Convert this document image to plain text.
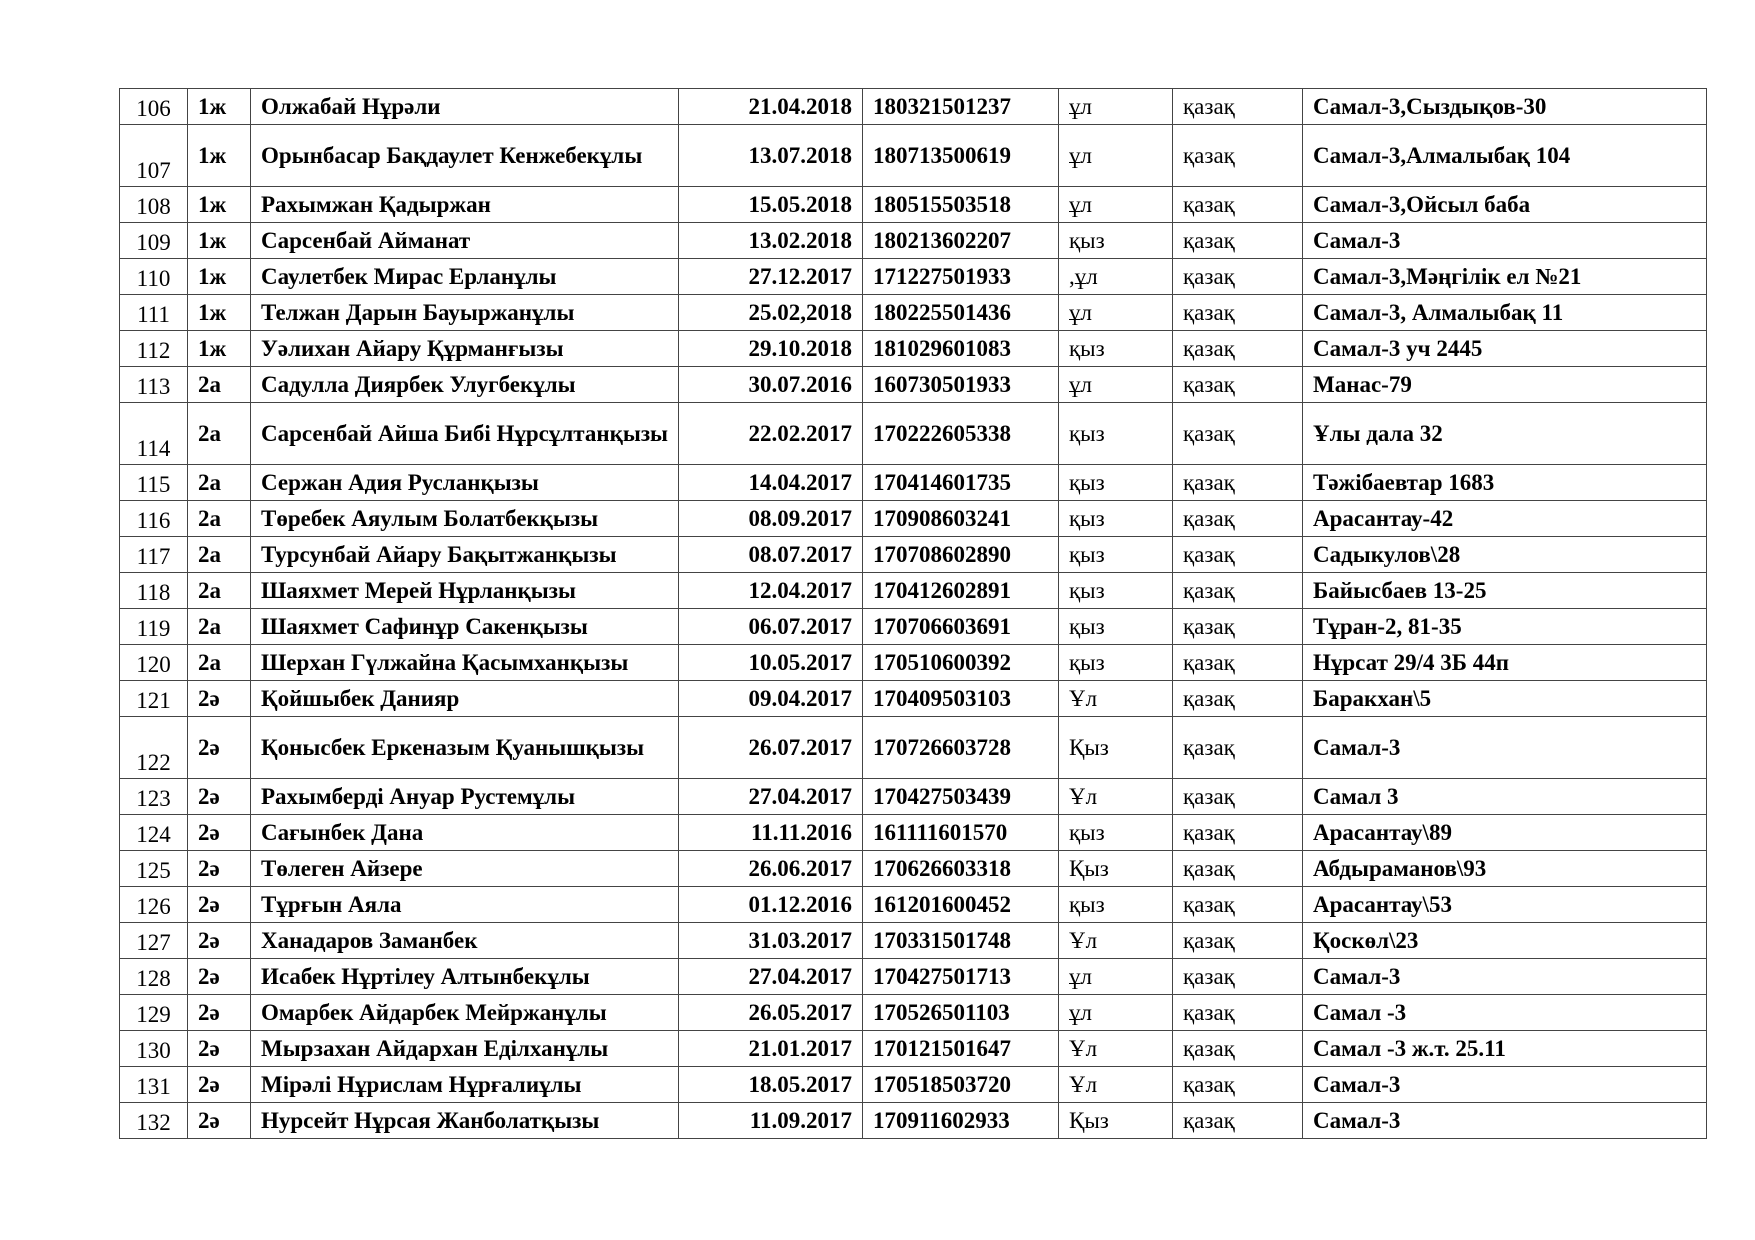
106	1ж	Олжабай Нұрәли	21.04.2018	180321501237	ұл	қазақ	Самал-3,Сыздықов-30
107	1ж	Орынбасар Бақдаулет Кенжебекұлы	13.07.2018	180713500619	ұл	қазақ	Самал-3,Алмалыбақ 104
108	1ж	Рахымжан Қадыржан	15.05.2018	180515503518	ұл	қазақ	Самал-3,Ойсыл баба
109	1ж	Сарсенбай Айманат	13.02.2018	180213602207	қыз	қазақ	Самал-3
110	1ж	Саулетбек Мирас Ерланұлы	27.12.2017	171227501933	,ұл	қазақ	Самал-3,Мәңгілік ел №21
111	1ж	Телжан Дарын Бауыржанұлы	25.02,2018	180225501436	ұл	қазақ	Самал-3, Алмалыбақ 11
112	1ж	Уәлихан Айару Құрманғызы	29.10.2018	181029601083	қыз	қазақ	Самал-3 уч 2445
113	2а	Садулла Диярбек Улугбекұлы	30.07.2016	160730501933	ұл	қазақ	Манас-79
114	2а	Сарсенбай Айша Бибі Нұрсұлтанқызы	22.02.2017	170222605338	қыз	қазақ	Ұлы дала 32
115	2а	Сержан Адия Русланқызы	14.04.2017	170414601735	қыз	қазақ	Тәжібаевтар 1683
116	2а	Төребек Аяулым Болатбекқызы	08.09.2017	170908603241	қыз	қазақ	Арасантау-42
117	2а	Турсунбай Айару Бақытжанқызы	08.07.2017	170708602890	қыз	қазақ	Садыкулов\28
118	2а	Шаяхмет Мерей Нұрланқызы	12.04.2017	170412602891	қыз	қазақ	Байысбаев 13-25
119	2а	Шаяхмет Сафинұр Сакенқызы	06.07.2017	170706603691	қыз	қазақ	Тұран-2, 81-35
120	2а	Шерхан Гүлжайна Қасымханқызы	10.05.2017	170510600392	қыз	қазақ	Нұрсат 29/4 3Б 44п
121	2ә	Қойшыбек Данияр	09.04.2017	170409503103	Ұл	қазақ	Баракхан\5
122	2ә	Қонысбек Еркеназым Қуанышқызы	26.07.2017	170726603728	Қыз	қазақ	Самал-3
123	2ә	Рахымберді Ануар Рустемұлы	27.04.2017	170427503439	Ұл	қазақ	Самал 3
124	2ә	Сағынбек Дана	11.11.2016	161111601570	қыз	қазақ	Арасантау\89
125	2ә	Төлеген Айзере	26.06.2017	170626603318	Қыз	қазақ	Абдыраманов\93
126	2ә	Тұрғын Аяла	01.12.2016	161201600452	қыз	қазақ	Арасантау\53
127	2ә	Ханадаров Заманбек	31.03.2017	170331501748	Ұл	қазақ	Қоскөл\23
128	2ә	Исабек Нұртілеу Алтынбекұлы	27.04.2017	170427501713	ұл	қазақ	Самал-3
129	2ә	Омарбек Айдарбек Мейржанұлы	26.05.2017	170526501103	ұл	қазақ	Самал -3
130	2ә	Мырзахан Айдархан Еділханұлы	21.01.2017	170121501647	Ұл	қазақ	Самал -3 ж.т. 25.11
131	2ә	Мірәлі Нұрислам Нұрғалиұлы	18.05.2017	170518503720	Ұл	қазақ	Самал-3
132	2ә	Нурсейт Нұрсая Жанболатқызы	11.09.2017	170911602933	Қыз	қазақ	Самал-3
